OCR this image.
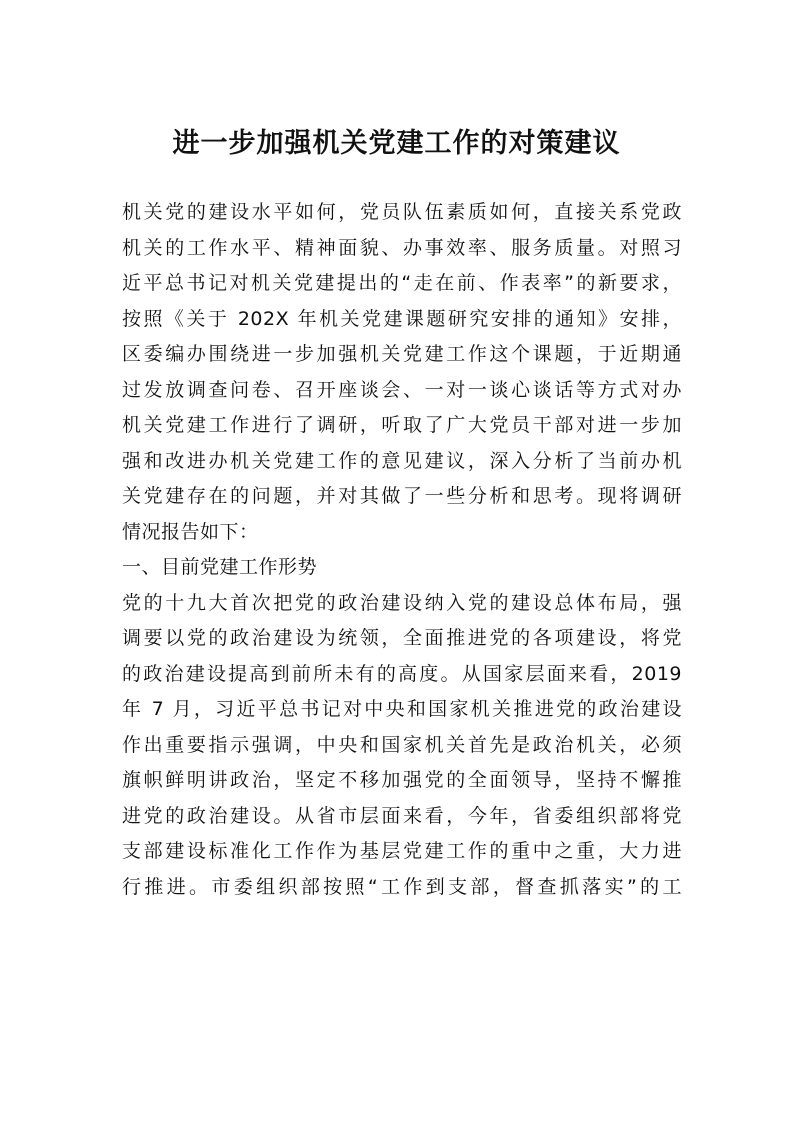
进一步加强机关党建工作的对策建议
机关党的建设水平如何，党员队伍素质如何，直接关系党政
机关的工作水平、精神面貌、办事效率、服务质量。对照习
近平总书记对机关党建提出的“走在前、作表率”的新要求，
按照《关于 202X 年机关党建课题研究安排的通知》安排，
区委编办围绕进一步加强机关党建工作这个课题，于近期通
过发放调查问卷、召开座谈会、一对一谈心谈话等方式对办
机关党建工作进行了调研，听取了广大党员干部对进一步加
强和改进办机关党建工作的意见建议，深入分析了当前办机
关党建存在的问题，并对其做了一些分析和思考。现将调研
情况报告如下：
一、目前党建工作形势
党的十九大首次把党的政治建设纳入党的建设总体布局，强
调要以党的政治建设为统领，全面推进党的各项建设，将党
的政治建设提高到前所未有的高度。从国家层面来看，2019
年 7 月，习近平总书记对中央和国家机关推进党的政治建设
作出重要指示强调，中央和国家机关首先是政治机关，必须
旗帜鲜明讲政治，坚定不移加强党的全面领导，坚持不懈推
进党的政治建设。从省市层面来看，今年，省委组织部将党
支部建设标准化工作作为基层党建工作的重中之重，大力进
行推进。市委组织部按照“工作到支部，督查抓落实”的工
